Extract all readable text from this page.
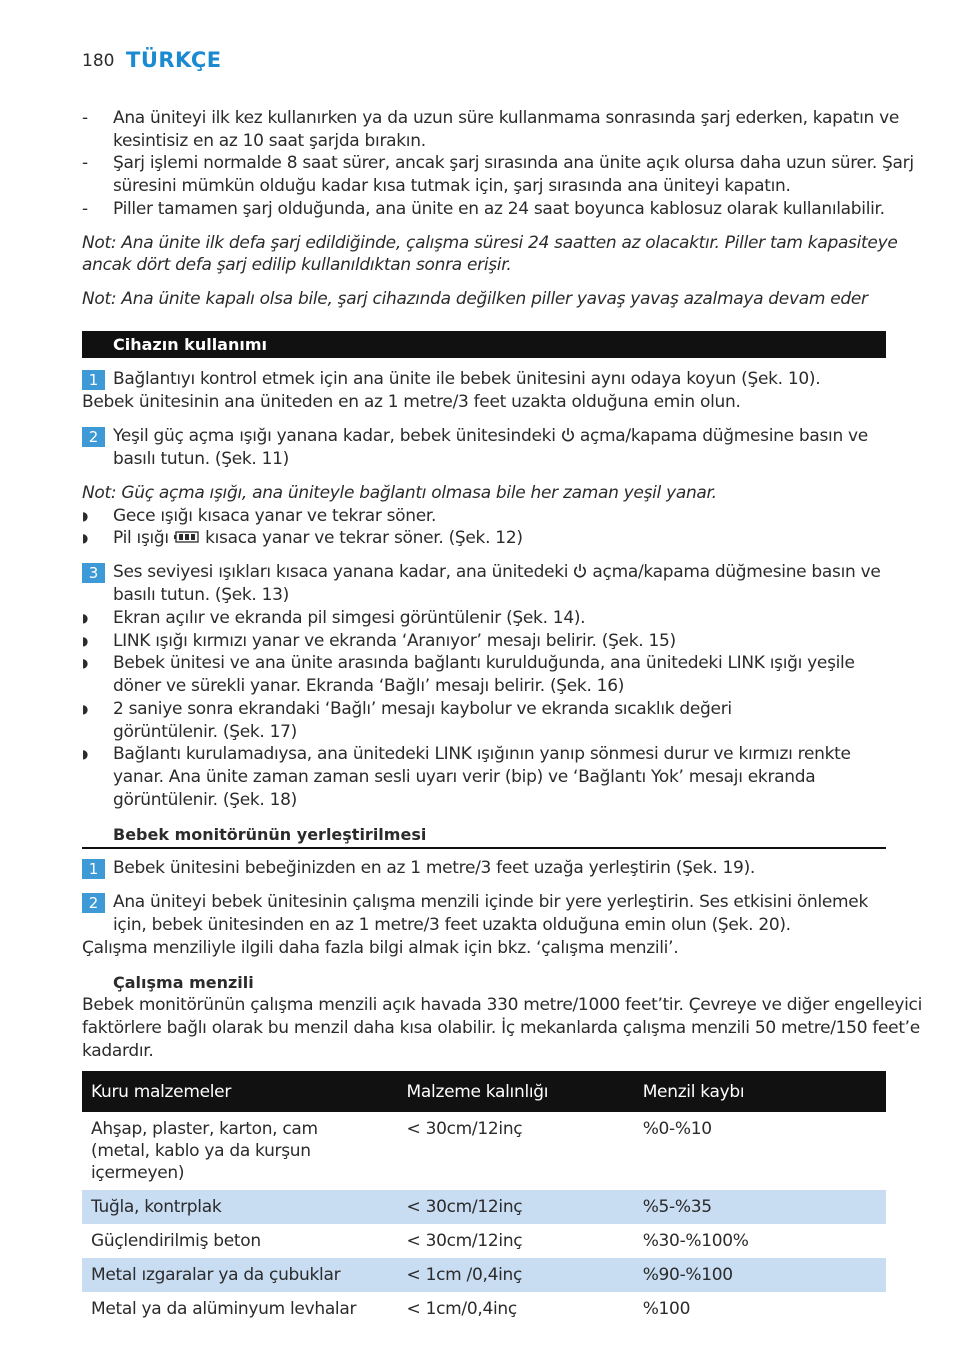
180 TÜRKÇE
- Ana üniteyi ilk kez kullanırken ya da uzun süre kullanmama sonrasında şarj ederken, kapatın ve
kesintisiz en az 10 saat şarjda bırakın.
- Şarj işlemi normalde 8 saat sürer, ancak şarj sırasında ana ünite açık olursa daha uzun sürer. Şarj
süresini mümkün olduğu kadar kısa tutmak için, şarj sırasında ana üniteyi kapatın.
- Piller tamamen şarj olduğunda, ana ünite en az 24 saat boyunca kablosuz olarak kullanılabilir.
Not: Ana ünite ilk defa şarj edildiğinde, çalışma süresi 24 saatten az olacaktır. Piller tam kapasiteye
ancak dört defa şarj edilip kullanıldıktan sonra erişir.
Not: Ana ünite kapalı olsa bile, şarj cihazında değilken piller yavaş yavaş azalmaya devam eder
Cihazın kullanımı
1 Bağlantıyı kontrol etmek için ana ünite ile bebek ünitesini aynı odaya koyun (Şek. 10).
Bebek ünitesinin ana üniteden en az 1 metre/3 feet uzakta olduğuna emin olun.
2 Yeşil güç açma ışığı yanana kadar, bebek ünitesindeki açma/kapama düğmesine basın ve
basılı tutun. (Şek. 11)
Not: Güç açma ışığı, ana üniteyle bağlantı olmasa bile her zaman yeşil yanar.
◗ Gece ışığı kısaca yanar ve tekrar söner.
◗ Pil ışığı kısaca yanar ve tekrar söner. (Şek. 12)
3 Ses seviyesi ışıkları kısaca yanana kadar, ana ünitedeki açma/kapama düğmesine basın ve
basılı tutun. (Şek. 13)
◗ Ekran açılır ve ekranda pil simgesi görüntülenir (Şek. 14).
◗ LINK ışığı kırmızı yanar ve ekranda ‘Aranıyor’ mesajı belirir. (Şek. 15)
◗ Bebek ünitesi ve ana ünite arasında bağlantı kurulduğunda, ana ünitedeki LINK ışığı yeşile
döner ve sürekli yanar. Ekranda ‘Bağlı’ mesajı belirir. (Şek. 16)
◗ 2 saniye sonra ekrandaki ‘Bağlı’ mesajı kaybolur ve ekranda sıcaklık değeri
görüntülenir. (Şek. 17)
◗ Bağlantı kurulamadıysa, ana ünitedeki LINK ışığının yanıp sönmesi durur ve kırmızı renkte
yanar. Ana ünite zaman zaman sesli uyarı verir (bip) ve ‘Bağlantı Yok’ mesajı ekranda
görüntülenir. (Şek. 18)
Bebek monitörünün yerleştirilmesi
1 Bebek ünitesini bebeğinizden en az 1 metre/3 feet uzağa yerleştirin (Şek. 19).
2 Ana üniteyi bebek ünitesinin çalışma menzili içinde bir yere yerleştirin. Ses etkisini önlemek
için, bebek ünitesinden en az 1 metre/3 feet uzakta olduğuna emin olun (Şek. 20).
Çalışma menziliyle ilgili daha fazla bilgi almak için bkz. ‘çalışma menzili’.
Çalışma menzili
Bebek monitörünün çalışma menzili açık havada 330 metre/1000 feet’tir. Çevreye ve diğer engelleyici
faktörlere bağlı olarak bu menzil daha kısa olabilir. İç mekanlarda çalışma menzili 50 metre/150 feet’e
kadardır.
Kuru malzemeler	Malzeme kalınlığı	Menzil kaybı
Ahşap, plaster, karton, cam (metal, kablo ya da kurşun içermeyen)	< 30cm/12inç	%0-%10
Tuğla, kontrplak	< 30cm/12inç	%5-%35
Güçlendirilmiş beton	< 30cm/12inç	%30-%100%
Metal ızgaralar ya da çubuklar	< 1cm /0,4inç	%90-%100
Metal ya da alüminyum levhalar	< 1cm/0,4inç	%100
